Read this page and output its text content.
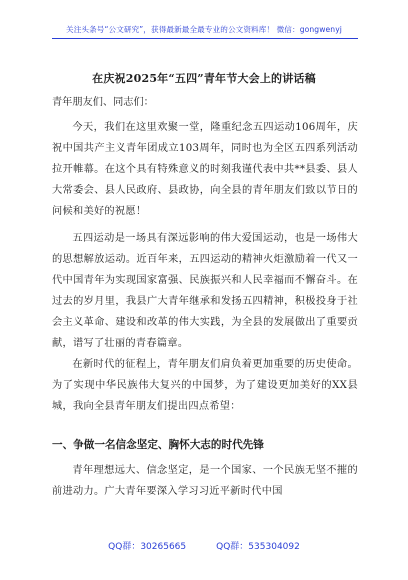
关注头条号“公文研究”，获得最新最全最专业的公文资料库！ 微信：gongwenyj
在庆祝2025年“五四”青年节大会上的讲话稿
青年朋友们、同志们：

今天，我们在这里欢聚一堂，隆重纪念五四运动106周年，庆祝中国共产主义青年团成立103周年，同时也为全区五四系列活动拉开帷幕。在这个具有特殊意义的时刻我谨代表中共**县委、县人大常委会、县人民政府、县政协，向全县的青年朋友们致以节日的问候和美好的祝愿！

五四运动是一场具有深远影响的伟大爱国运动，也是一场伟大的思想解放运动。近百年来，五四运动的精神火炬激励着一代又一代中国青年为实现国家富强、民族振兴和人民幸福而不懈奋斗。在过去的岁月里，我县广大青年继承和发扬五四精神，积极投身于社会主义革命、建设和改革的伟大实践，为全县的发展做出了重要贡献，谱写了壮丽的青春篇章。

在新时代的征程上，青年朋友们肩负着更加重要的历史使命。为了实现中华民族伟大复兴的中国梦，为了建设更加美好的XX县城，我向全县青年朋友们提出四点希望：

一、争做一名信念坚定、胸怀大志的时代先锋

青年理想远大、信念坚定，是一个国家、一个民族无坚不摧的前进动力。广大青年要深入学习习近平新时代中国

QQ群：30265665	QQ群：535304092
